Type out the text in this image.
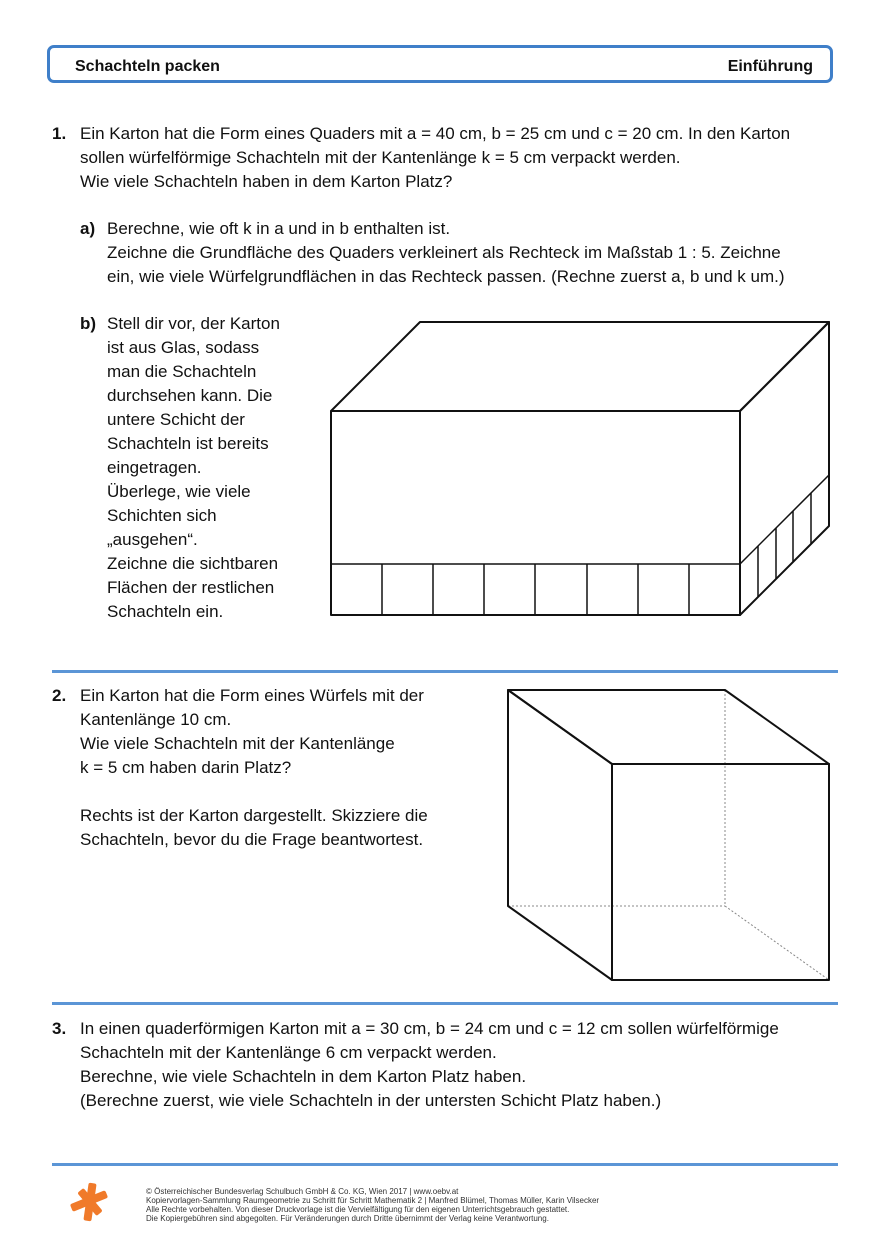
Schachteln packen	Einführung
1. Ein Karton hat die Form eines Quaders mit a = 40 cm, b = 25 cm und c = 20 cm. In den Karton
sollen würfelförmige Schachteln mit der Kantenlänge k = 5 cm verpackt werden.
Wie viele Schachteln haben in dem Karton Platz?
a) Berechne, wie oft k in a und in b enthalten ist.
Zeichne die Grundfläche des Quaders verkleinert als Rechteck im Maßstab 1 : 5. Zeichne
ein, wie viele Würfelgrundflächen in das Rechteck passen. (Rechne zuerst a, b und k um.)
b) Stell dir vor, der Karton
ist aus Glas, sodass
man die Schachteln
durchsehen kann. Die
untere Schicht der
Schachteln ist bereits
eingetragen.
Überlege, wie viele
Schichten sich
„ausgehen“.
Zeichne die sichtbaren
Flächen der restlichen
Schachteln ein.
2. Ein Karton hat die Form eines Würfels mit der
Kantenlänge 10 cm.
Wie viele Schachteln mit der Kantenlänge
k = 5 cm haben darin Platz?
Rechts ist der Karton dargestellt. Skizziere die
Schachteln, bevor du die Frage beantwortest.
3. In einen quaderförmigen Karton mit a = 30 cm, b = 24 cm und c = 12 cm sollen würfelförmige
Schachteln mit der Kantenlänge 6 cm verpackt werden.
Berechne, wie viele Schachteln in dem Karton Platz haben.
(Berechne zuerst, wie viele Schachteln in der untersten Schicht Platz haben.)
© Österreichischer Bundesverlag Schulbuch GmbH & Co. KG, Wien 2017 | www.oebv.at
Kopiervorlagen-Sammlung Raumgeometrie zu Schritt für Schritt Mathematik 2 | Manfred Blümel, Thomas Müller, Karin Vilsecker
Alle Rechte vorbehalten. Von dieser Druckvorlage ist die Vervielfältigung für den eigenen Unterrichtsgebrauch gestattet.
Die Kopiergebühren sind abgegolten. Für Veränderungen durch Dritte übernimmt der Verlag keine Verantwortung.
